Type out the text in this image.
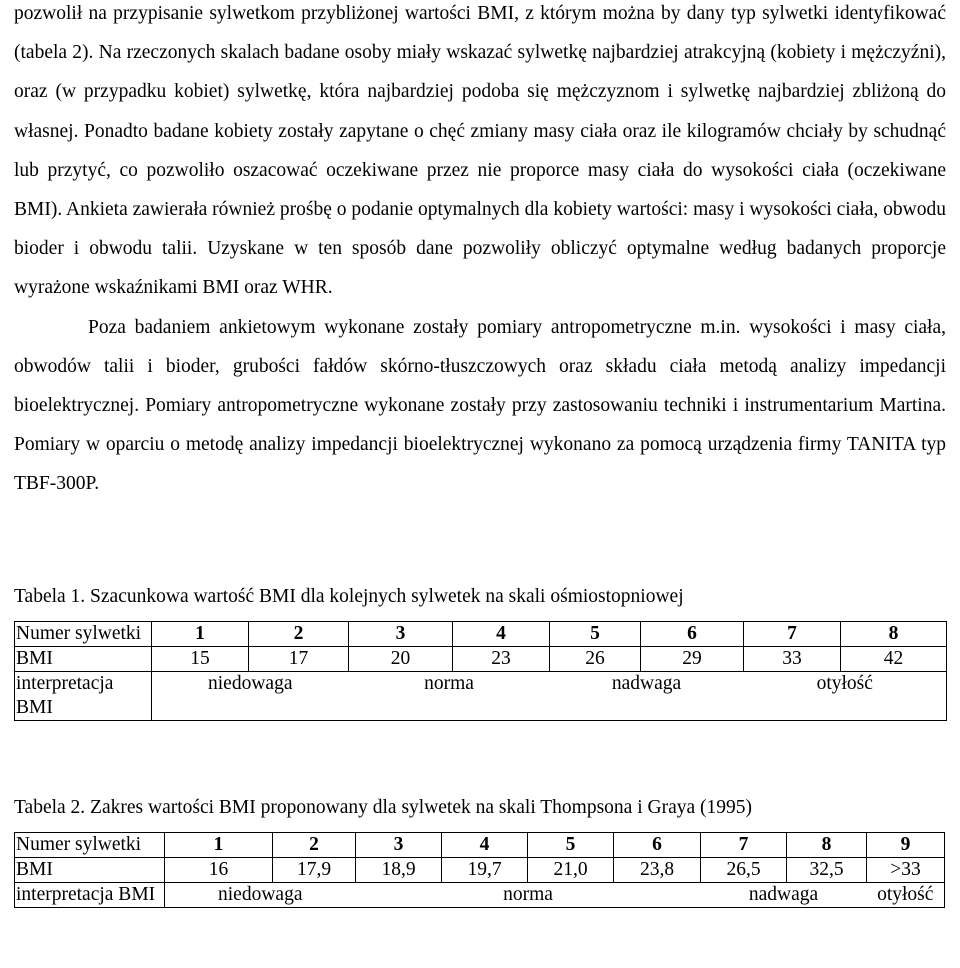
pozwolił na przypisanie sylwetkom przybliżonej wartości BMI, z którym można by dany typ sylwetki identyfikować (tabela 2). Na rzeczonych skalach badane osoby miały wskazać sylwetkę najbardziej atrakcyjną (kobiety i mężczyźni), oraz (w przypadku kobiet) sylwetkę, która najbardziej podoba się mężczyznom i sylwetkę najbardziej zbliżoną do własnej. Ponadto badane kobiety zostały zapytane o chęć zmiany masy ciała oraz ile kilogramów chciały by schudnąć lub przytyć, co pozwoliło oszacować oczekiwane przez nie proporce masy ciała do wysokości ciała (oczekiwane BMI). Ankieta zawierała również prośbę o podanie optymalnych dla kobiety wartości: masy i wysokości ciała, obwodu bioder i obwodu talii. Uzyskane w ten sposób dane pozwoliły obliczyć optymalne według badanych proporcje wyrażone wskaźnikami BMI oraz WHR.

Poza badaniem ankietowym wykonane zostały pomiary antropometryczne m.in. wysokości i masy ciała, obwodów talii i bioder, grubości fałdów skórno-tłuszczowych oraz składu ciała metodą analizy impedancji bioelektrycznej. Pomiary antropometryczne wykonane zostały przy zastosowaniu techniki i instrumentarium Martina. Pomiary w oparciu o metodę analizy impedancji bioelektrycznej wykonano za pomocą urządzenia firmy TANITA typ TBF-300P.

Tabela 1. Szacunkowa wartość BMI dla kolejnych sylwetek na skali ośmiostopniowej

Numer sylwetki	1	2	3	4	5	6	7	8
BMI	15	17	20	23	26	29	33	42
interpretacja BMI	niedowaga		norma		nadwaga		otyłość	

Tabela 2. Zakres wartości BMI proponowany dla sylwetek na skali Thompsona i Graya (1995)

Numer sylwetki	1	2	3	4	5	6	7	8	9
BMI	16	17,9	18,9	19,7	21,0	23,8	26,5	32,5	>33
interpretacja BMI	niedowaga		norma				nadwaga		otyłość
